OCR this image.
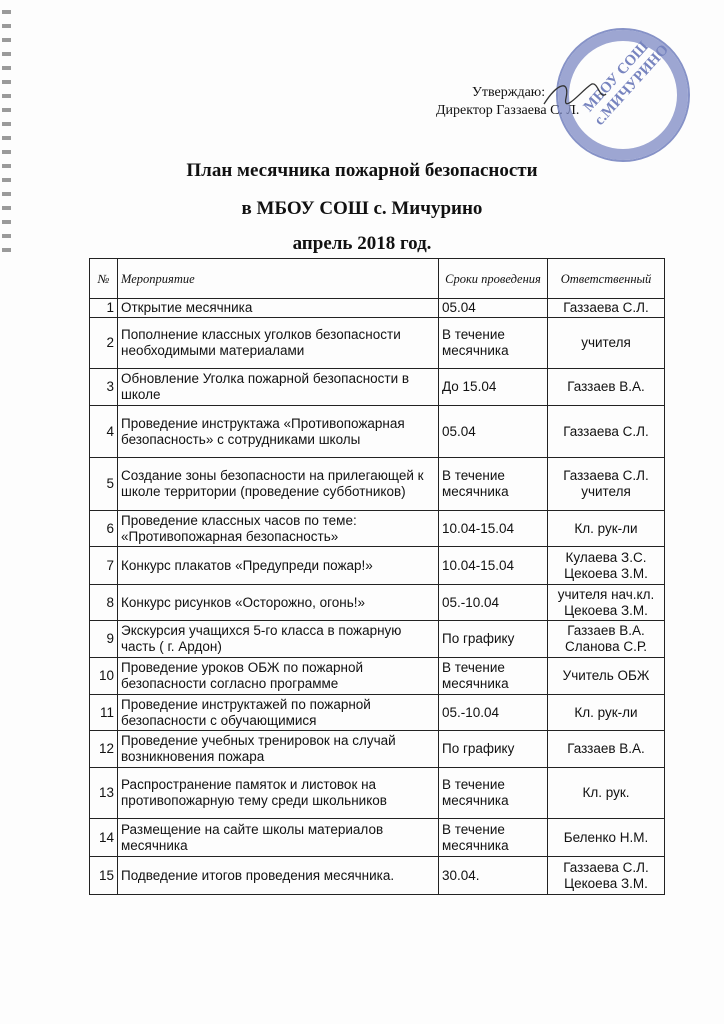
Утверждаю:
Директор Газзаева С. Л. МБОУ СОШ с.МИЧУРИНО
План месячника пожарной безопасности
в МБОУ СОШ с. Мичурино
апрель 2018 год.
№	Мероприятие	Сроки проведения	Ответственный
1	Открытие месячника	05.04	Газзаева С.Л.
2	Пополнение классных уголков безопасности необходимыми материалами	В течение месячника	учителя
3	Обновление Уголка пожарной безопасности в школе	До 15.04	Газзаев В.А.
4	Проведение инструктажа «Противопожарная безопасность» с сотрудниками школы	05.04	Газзаева С.Л.
5	Создание зоны безопасности на прилегающей к школе территории (проведение субботников)	В течение месячника	Газзаева С.Л. учителя
6	Проведение классных часов по теме: «Противопожарная безопасность»	10.04-15.04	Кл. рук-ли
7	Конкурс плакатов «Предупреди пожар!»	10.04-15.04	Кулаева З.С. Цекоева З.М.
8	Конкурс рисунков «Осторожно, огонь!»	05.-10.04	учителя нач.кл. Цекоева З.М.
9	Экскурсия учащихся 5-го класса в пожарную часть ( г. Ардон)	По графику	Газзаев В.А. Сланова С.Р.
10	Проведение уроков ОБЖ по пожарной безопасности согласно программе	В течение месячника	Учитель ОБЖ
11	Проведение инструктажей по пожарной безопасности с обучающимися	05.-10.04	Кл. рук-ли
12	Проведение учебных тренировок на случай возникновения пожара	По графику	Газзаев В.А.
13	Распространение памяток и листовок на противопожарную тему среди школьников	В течение месячника	Кл. рук.
14	Размещение на сайте школы материалов месячника	В течение месячника	Беленко Н.М.
15	Подведение итогов проведения месячника.	30.04.	Газзаева С.Л. Цекоева З.М.
